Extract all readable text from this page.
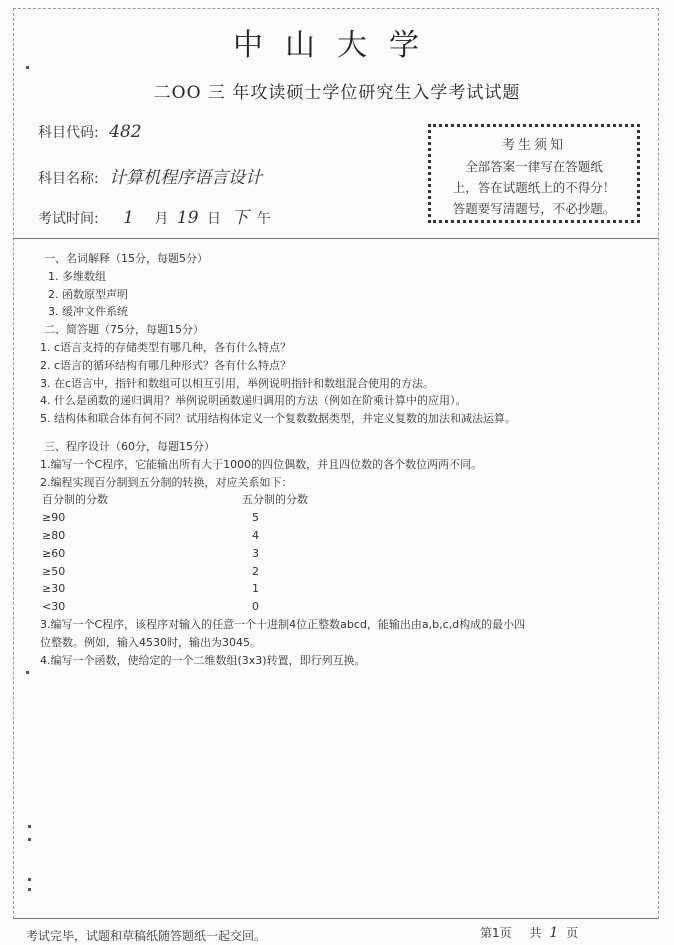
中山大学
二OO 三 年攻读硕士学位研究生入学考试试题
科目代码: 482
科目名称: 计算机程序语言设计
考试时间: 1 月 19 日 下 午
考生须知
全部答案一律写在答题纸
上，答在试题纸上的不得分！
答题要写清题号，不必抄题。
一、名词解释（15分，每题5分）
1. 多维数组
2. 函数原型声明
3. 缓冲文件系统
二、简答题（75分，每题15分）
1. c语言支持的存储类型有哪几种，各有什么特点？
2. c语言的循环结构有哪几种形式？各有什么特点？
3. 在c语言中，指针和数组可以相互引用，举例说明指针和数组混合使用的方法。
4. 什么是函数的递归调用？举例说明函数递归调用的方法（例如在阶乘计算中的应用）。
5. 结构体和联合体有何不同？试用结构体定义一个复数数据类型，并定义复数的加法和减法运算。
三、程序设计（60分，每题15分）
1.编写一个C程序，它能输出所有大于1000的四位偶数，并且四位数的各个数位两两不同。
2.编程实现百分制到五分制的转换，对应关系如下：
百分制的分数	五分制的分数
≥90	5
≥80	4
≥60	3
≥50	2
≥30	1
<30	0
3.编写一个C程序，该程序对输入的任意一个十进制4位正整数abcd，能输出由a,b,c,d构成的最小四
位整数。例如，输入4530时，输出为3045。
4.编写一个函数，使给定的一个二维数组(3x3)转置，即行列互换。
考试完毕，试题和草稿纸随答题纸一起交回。	第1页 共 1 页
